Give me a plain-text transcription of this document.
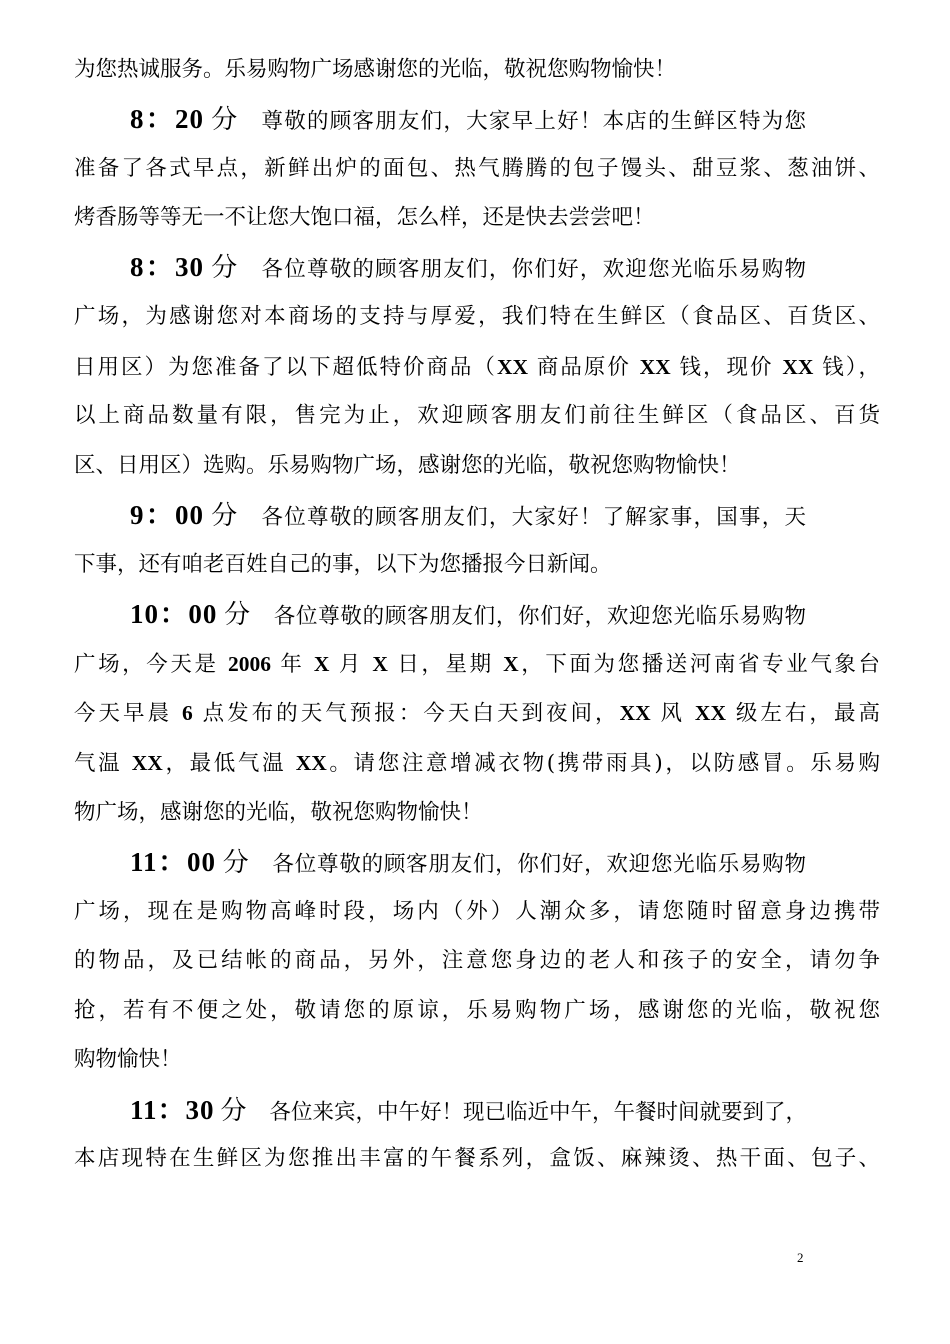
为您热诚服务。乐易购物广场感谢您的光临，敬祝您购物愉快！
8：20 分 尊敬的顾客朋友们，大家早上好！本店的生鲜区特为您
准备了各式早点，新鲜出炉的面包、热气腾腾的包子馒头、甜豆浆、葱油饼、
烤香肠等等无一不让您大饱口福，怎么样，还是快去尝尝吧！
8：30 分 各位尊敬的顾客朋友们，你们好，欢迎您光临乐易购物
广场，为感谢您对本商场的支持与厚爱，我们特在生鲜区（食品区、百货区、
日用区）为您准备了以下超低特价商品（XX 商品原价 XX 钱，现价 XX 钱），
以上商品数量有限，售完为止，欢迎顾客朋友们前往生鲜区（食品区、百货
区、日用区）选购。乐易购物广场，感谢您的光临，敬祝您购物愉快！
9：00 分 各位尊敬的顾客朋友们，大家好！了解家事，国事，天
下事，还有咱老百姓自己的事，以下为您播报今日新闻。
10：00 分 各位尊敬的顾客朋友们，你们好，欢迎您光临乐易购物
广场，今天是 2006 年 X 月 X 日，星期 X，下面为您播送河南省专业气象台
今天早晨 6 点发布的天气预报：今天白天到夜间，XX 风 XX 级左右，最高
气温 XX，最低气温 XX。请您注意增减衣物(携带雨具)，以防感冒。乐易购
物广场，感谢您的光临，敬祝您购物愉快！
11：00 分 各位尊敬的顾客朋友们，你们好，欢迎您光临乐易购物
广场，现在是购物高峰时段，场内（外）人潮众多，请您随时留意身边携带
的物品，及已结帐的商品，另外，注意您身边的老人和孩子的安全，请勿争
抢，若有不便之处，敬请您的原谅，乐易购物广场，感谢您的光临，敬祝您
购物愉快！
11：30 分 各位来宾，中午好！现已临近中午，午餐时间就要到了，
本店现特在生鲜区为您推出丰富的午餐系列，盒饭、麻辣烫、热干面、包子、
2
